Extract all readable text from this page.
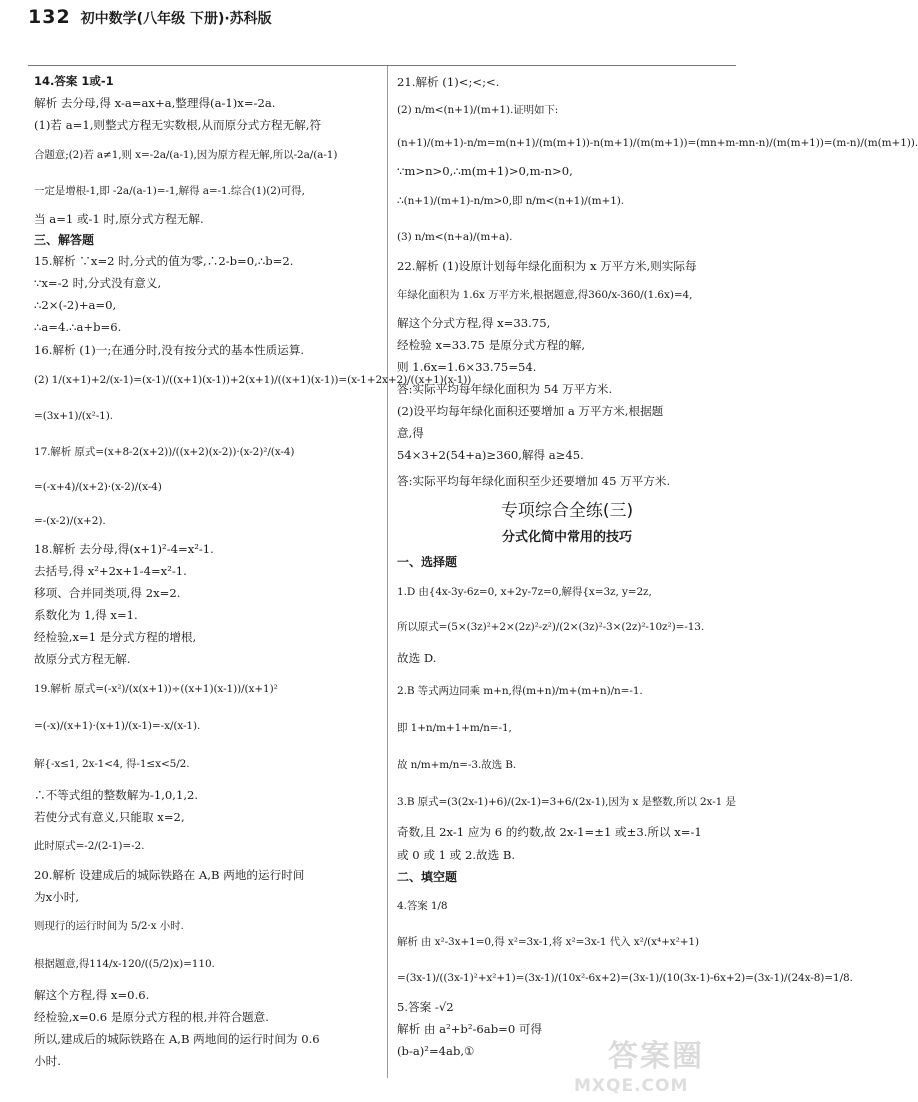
132 初中数学(八年级 下册)·苏科版
14.答案 1或-1
解析 去分母,得 x-a=ax+a,整理得(a-1)x=-2a.
(1)若 a=1,则整式方程无实数根,从而原分式方程无解,符
合题意;(2)若 a≠1,则 x=-2a/(a-1),因为原方程无解,所以-2a/(a-1)
一定是增根-1,即 -2a/(a-1)=-1,解得 a=-1.综合(1)(2)可得,
当 a=1 或-1 时,原分式方程无解.
三、解答题
15.解析 ∵x=2 时,分式的值为零,∴2-b=0,∴b=2.
∵x=-2 时,分式没有意义,
∴2×(-2)+a=0,
∴a=4.∴a+b=6.
16.解析 (1)一;在通分时,没有按分式的基本性质运算.
(2) 1/(x+1)+2/(x-1)=(x-1)/((x+1)(x-1))+2(x+1)/((x+1)(x-1))=(x-1+2x+2)/((x+1)(x-1))
=(3x+1)/(x²-1).
17.解析 原式=(x+8-2(x+2))/((x+2)(x-2))·(x-2)²/(x-4)
=(-x+4)/(x+2)·(x-2)/(x-4)
=-(x-2)/(x+2).
18.解析 去分母,得(x+1)²-4=x²-1.
去括号,得 x²+2x+1-4=x²-1.
移项、合并同类项,得 2x=2.
系数化为 1,得 x=1.
经检验,x=1 是分式方程的增根,
故原分式方程无解.
19.解析 原式=(-x²)/(x(x+1))÷((x+1)(x-1))/(x+1)²
=(-x)/(x+1)·(x+1)/(x-1)=-x/(x-1).
解{-x≤1, 2x-1<4, 得-1≤x<5/2.
∴不等式组的整数解为-1,0,1,2.
若使分式有意义,只能取 x=2,
此时原式=-2/(2-1)=-2.
20.解析 设建成后的城际铁路在 A,B 两地的运行时间
为x小时,
则现行的运行时间为 5/2·x 小时.
根据题意,得114/x-120/((5/2)x)=110.
解这个方程,得 x=0.6.
经检验,x=0.6 是原分式方程的根,并符合题意.
所以,建成后的城际铁路在 A,B 两地间的运行时间为 0.6
小时.
21.解析 (1)<;<;<.
(2) n/m<(n+1)/(m+1).证明如下:
(n+1)/(m+1)-n/m=m(n+1)/(m(m+1))-n(m+1)/(m(m+1))=(mn+m-mn-n)/(m(m+1))=(m-n)/(m(m+1)).
∵m>n>0,∴m(m+1)>0,m-n>0,
∴(n+1)/(m+1)-n/m>0,即 n/m<(n+1)/(m+1).
(3) n/m<(n+a)/(m+a).
22.解析 (1)设原计划每年绿化面积为 x 万平方米,则实际每
年绿化面积为 1.6x 万平方米,根据题意,得360/x-360/(1.6x)=4,
解这个分式方程,得 x=33.75,
经检验 x=33.75 是原分式方程的解,
则 1.6x=1.6×33.75=54.
答:实际平均每年绿化面积为 54 万平方米.
(2)设平均每年绿化面积还要增加 a 万平方米,根据题
意,得
54×3+2(54+a)≥360,解得 a≥45.
答:实际平均每年绿化面积至少还要增加 45 万平方米.
专项综合全练(三)
分式化简中常用的技巧
一、选择题
1.D 由{4x-3y-6z=0, x+2y-7z=0,解得{x=3z, y=2z,
所以原式=(5×(3z)²+2×(2z)²-z²)/(2×(3z)²-3×(2z)²-10z²)=-13.
故选 D.
2.B 等式两边同乘 m+n,得(m+n)/m+(m+n)/n=-1.
即 1+n/m+1+m/n=-1,
故 n/m+m/n=-3.故选 B.
3.B 原式=(3(2x-1)+6)/(2x-1)=3+6/(2x-1),因为 x 是整数,所以 2x-1 是
奇数,且 2x-1 应为 6 的约数,故 2x-1=±1 或±3.所以 x=-1
或 0 或 1 或 2.故选 B.
二、填空题
4.答案 1/8
解析 由 x²-3x+1=0,得 x²=3x-1,将 x²=3x-1 代入 x²/(x⁴+x²+1)
=(3x-1)/((3x-1)²+x²+1)=(3x-1)/(10x²-6x+2)=(3x-1)/(10(3x-1)-6x+2)=(3x-1)/(24x-8)=1/8.
5.答案 -√2
解析 由 a²+b²-6ab=0 可得
(b-a)²=4ab,①	答案圈
MXQE.COM
